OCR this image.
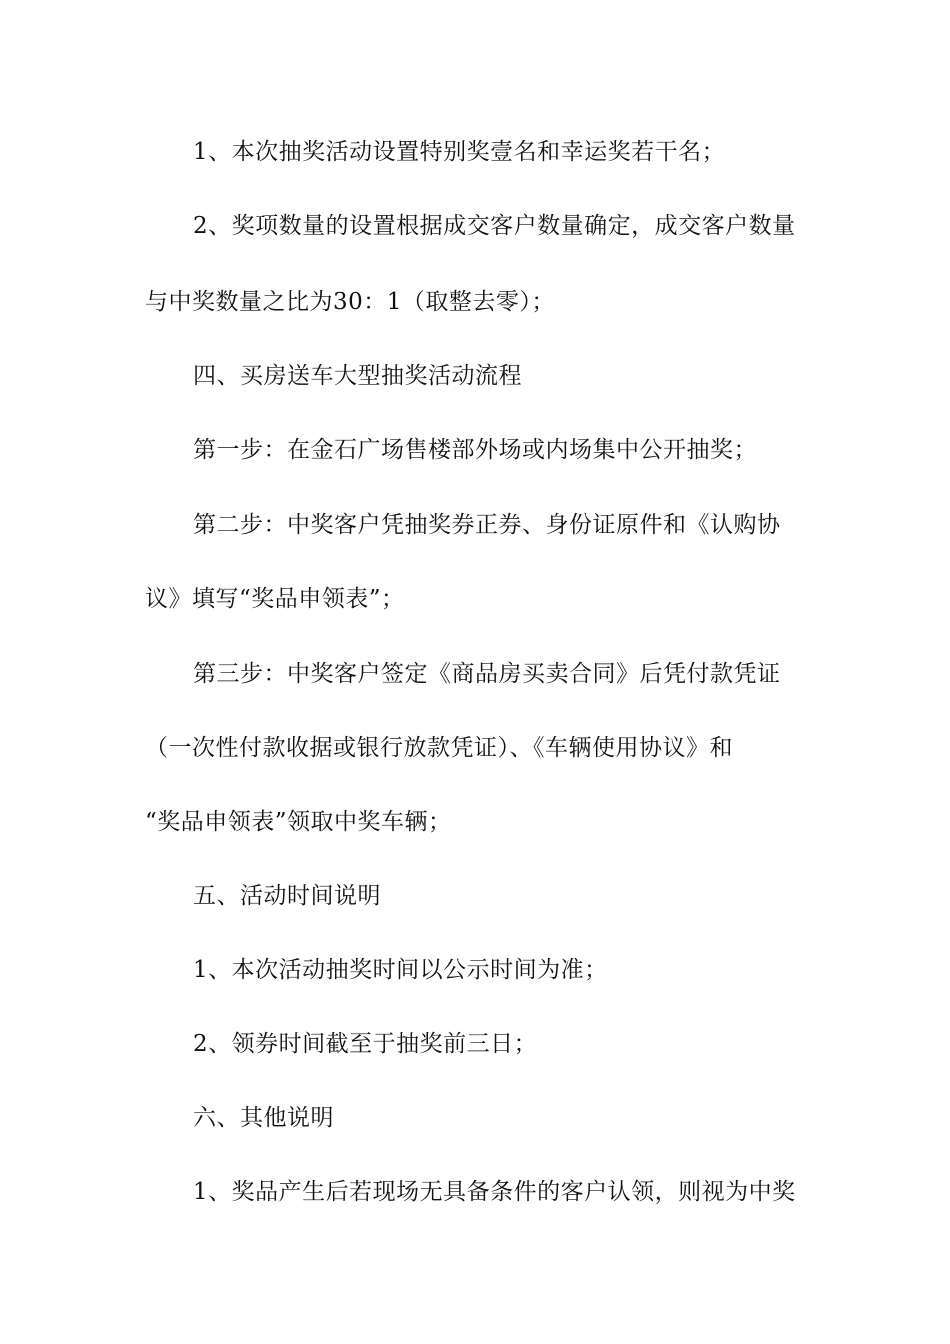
1、本次抽奖活动设置特别奖壹名和幸运奖若干名；
2、奖项数量的设置根据成交客户数量确定，成交客户数量
与中奖数量之比为30：1（取整去零）；
四、买房送车大型抽奖活动流程
第一步：在金石广场售楼部外场或内场集中公开抽奖；
第二步：中奖客户凭抽奖券正券、身份证原件和《认购协
议》填写“奖品申领表”；
第三步：中奖客户签定《商品房买卖合同》后凭付款凭证
（一次性付款收据或银行放款凭证）、《车辆使用协议》和
“奖品申领表”领取中奖车辆；
五、活动时间说明
1、本次活动抽奖时间以公示时间为准；
2、领券时间截至于抽奖前三日；
六、其他说明
1、奖品产生后若现场无具备条件的客户认领，则视为中奖
